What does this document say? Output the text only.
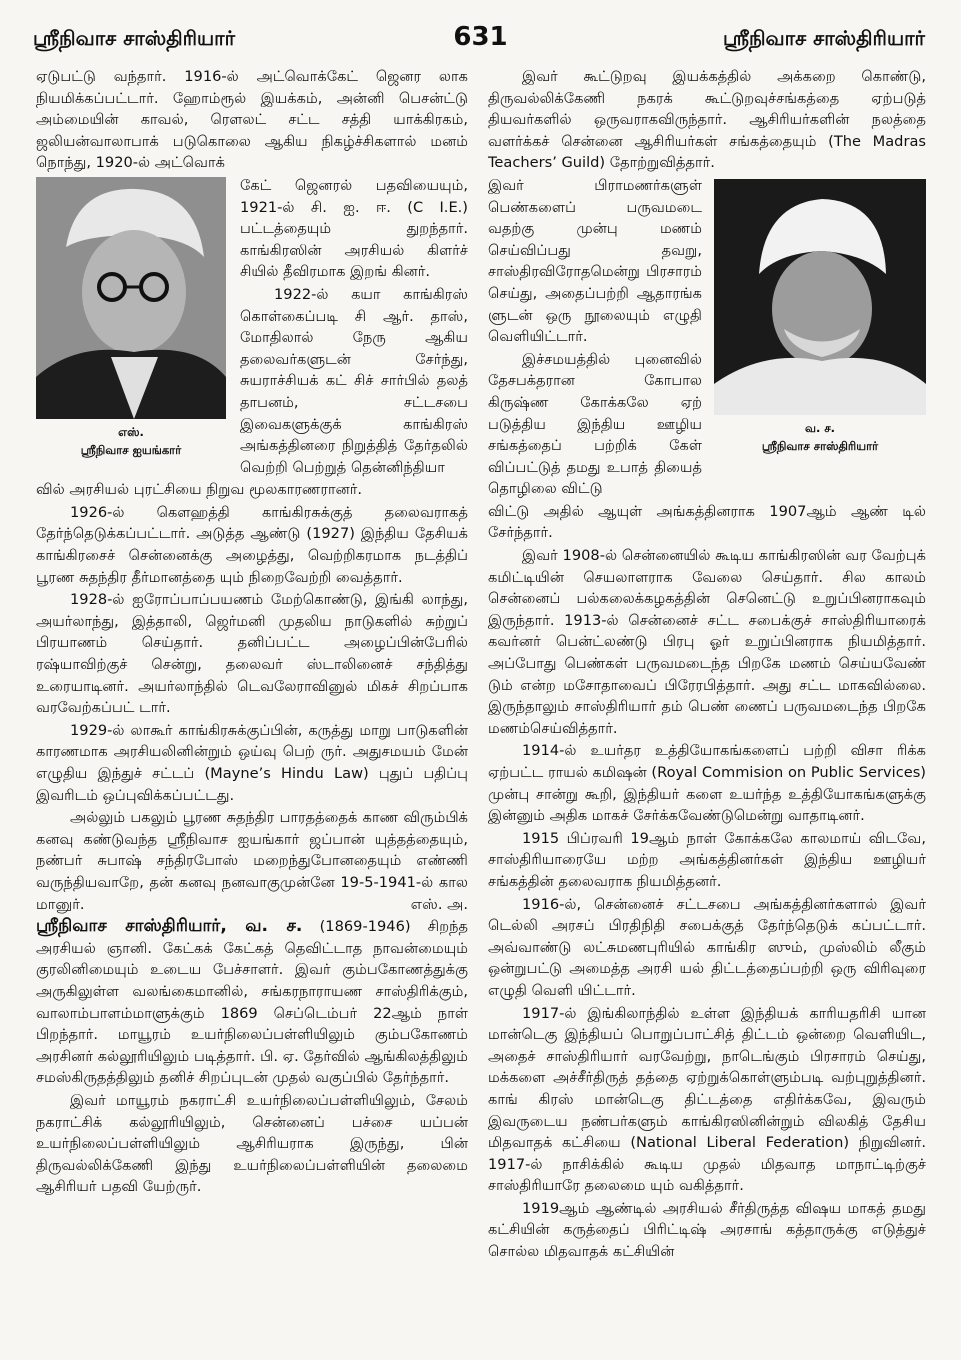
ஸ்ரீநிவாச சாஸ்திரியார்	631	ஸ்ரீநிவாச சாஸ்திரியார்

ஏடுபட்டு வந்தார். 1916-ல் அட்வொக்கேட் ஜெனர லாக நியமிக்கப்பட்டார். ஹோம்ரூல் இயக்கம், அன்னி பெசன்ட்டு அம்மையின் காவல், ரௌலட் சட்ட சத்தி யாக்கிரகம், ஜலியன்வாலாபாக் படுகொலை ஆகிய நிகழ்ச்சிகளால் மனம் நொந்து, 1920-ல் அட்வொக்

எஸ்.
ஸ்ரீநிவாச ஐயங்கார்

கேட் ஜெனரல் பதவியையும், 1921-ல் சி. ஐ. ஈ. (C I.E.) பட்டத்தையும் துறந்தார். காங்கிரஸின் அரசியல் கிளர்ச் சியில் தீவிரமாக இறங் கினர்.

1922-ல் கயா காங்கிரஸ் கொள்கைப்படி சி ஆர். தாஸ், மோதிலால் நேரு ஆகிய தலைவர்களுடன் சேர்ந்து, சுயராச்சியக் கட் சிச் சார்பில் தலத் தாபனம், சட்டசபை இவைகளுக்குக் காங்கிரஸ் அங்கத்தினரை நிறுத்தித் தேர்தலில் வெற்றி பெற்றுத் தென்னிந்தியா

வில் அரசியல் புரட்சியை நிறுவ மூலகாரணரானர்.

1926-ல் கௌஹத்தி காங்கிரசுக்குத் தலைவராகத் தேர்ந்தெடுக்கப்பட்டார். அடுத்த ஆண்டு (1927) இந்திய தேசியக் காங்கிரசைச் சென்னைக்கு அழைத்து, வெற்றிகரமாக நடத்திப் பூரண சுதந்திர தீர்மானத்தை யும் நிறைவேற்றி வைத்தார்.

1928-ல் ஐரோப்பாப்பயணம் மேற்கொண்டு, இங்கி லாந்து, அயர்லாந்து, இத்தாலி, ஜெர்மனி முதலிய நாடுகளில் சுற்றுப் பிரயாணம் செய்தார். தனிப்பட்ட அழைப்பின்பேரில் ரஷ்யாவிற்குச் சென்று, தலைவர் ஸ்டாலினைச் சந்தித்து உரையாடினர். அயர்லாந்தில் டெவலேராவினுல் மிகச் சிறப்பாக வரவேற்கப்பட் டார்.

1929-ல் லாகூர் காங்கிரசுக்குப்பின், கருத்து மாறு பாடுகளின் காரணமாக அரசியலினின்றும் ஒய்வு பெற் ருர். அதுசமயம் மேன் எழுதிய இந்துச் சட்டப் (Mayne’s Hindu Law) புதுப் பதிப்பு இவரிடம் ஒப்புவிக்கப்பட்டது.

அல்லும் பகலும் பூரண சுதந்திர பாரதத்தைக் காண விரும்பிக் கனவு கண்டுவந்த ஸ்ரீநிவாச ஐயங்கார் ஜப்பான் யுத்தத்தையும், நண்பர் சுபாஷ் சந்திரபோஸ் மறைந்துபோனதையும் எண்ணி வருந்தியவாறே, தன் கனவு நனவாகுமுன்னே 19-5-1941-ல் கால மானுர்.	எஸ். அ.

ஸ்ரீநிவாச சாஸ்திரியார், வ. ச. (1869-1946) சிறந்த அரசியல் ஞானி. கேட்கக் கேட்கத் தெவிட்டாத நாவன்மையும் குரலினிமையும் உடைய பேச்சாளர். இவர் கும்பகோணத்துக்கு அருகிலுள்ள வலங்கைமானில், சங்கரநாராயண சாஸ்திரிக்கும், வாலாம்பாளம்மாளுக்கும் 1869 செப்டெம்பர் 22ஆம் நாள் பிறந்தார். மாயூரம் உயர்நிலைப்பள்ளியிலும் கும்பகோணம் அரசினர் கல்லூரியிலும் படித்தார். பி. ஏ. தேர்வில் ஆங்கிலத்திலும் சமஸ்கிருதத்திலும் தனிச் சிறப்புடன் முதல் வகுப்பில் தேர்ந்தார்.

இவர் மாயூரம் நகராட்சி உயர்நிலைப்பள்ளியிலும், சேலம் நகராட்சிக் கல்லூரியிலும், சென்னைப் பச்சை யப்பன் உயர்நிலைப்பள்ளியிலும் ஆசிரியராக இருந்து, பின் திருவல்லிக்கேணி இந்து உயர்நிலைப்பள்ளியின் தலைமை ஆசிரியர் பதவி யேற்ருர்.

இவர் கூட்டுறவு இயக்கத்தில் அக்கறை கொண்டு, திருவல்லிக்கேணி நகரக் கூட்டுறவுச்சங்கத்தை ஏற்படுத் தியவர்களில் ஒருவராகவிருந்தார். ஆசிரியர்களின் நலத்தை வளர்க்கச் சென்னை ஆசிரியர்கள் சங்கத்தையும் (The Madras Teachers’ Guild) தோற்றுவித்தார்.

வ. ச.
ஸ்ரீநிவாச சாஸ்திரியார்

இவர் பிராமணர்களுள் பெண்களைப் பருவமடை வதற்கு முன்பு மணம் செய்விப்பது தவறு, சாஸ்திரவிரோதமென்று பிரசாரம் செய்து, அதைப்பற்றி ஆதாரங்க ளுடன் ஒரு நூலையும் எழுதி வெளியிட்டார்.

இச்சமயத்தில் புனைவில் தேசபக்தரான கோபால கிருஷ்ண கோக்கலே ஏற் படுத்திய இந்திய ஊழிய சங்கத்தைப் பற்றிக் கேள் விப்பட்டுத் தமது உபாத் தியைத் தொழிலை விட்டு

விட்டு அதில் ஆயுள் அங்கத்தினராக 1907ஆம் ஆண் டில் சேர்ந்தார்.

இவர் 1908-ல் சென்னையில் கூடிய காங்கிரஸின் வர வேற்புக் கமிட்டியின் செயலாளராக வேலை செய்தார். சில காலம் சென்னைப் பல்கலைக்கழகத்தின் செனெட்டு உறுப்பினராகவும் இருந்தார். 1913-ல் சென்னைச் சட்ட சபைக்குச் சாஸ்திரியாரைக் கவர்னர் பென்ட்லண்டு பிரபு ஓர் உறுப்பினராக நியமித்தார். அப்போது பெண்கள் பருவமடைந்த பிறகே மணம் செய்யவேண் டும் என்ற மசோதாவைப் பிரேரபித்தார். அது சட்ட மாகவில்லை. இருந்தாலும் சாஸ்திரியார் தம் பெண் ணைப் பருவமடைந்த பிறகே மணம்செய்வித்தார்.

1914-ல் உயர்தர உத்தியோகங்களைப் பற்றி விசா ரிக்க ஏற்பட்ட ராயல் கமிஷன் (Royal Commision on Public Services) முன்பு சான்று கூறி, இந்தியர் களை உயர்ந்த உத்தியோகங்களுக்கு இன்னும் அதிக மாகச் சேர்க்கவேண்டுமென்று வாதாடினர்.

1915 பிப்ரவரி 19ஆம் நாள் கோக்கலே காலமாய் விடவே, சாஸ்திரியாரையே மற்ற அங்கத்தினர்கள் இந்திய ஊழியர் சங்கத்தின் தலைவராக நியமித்தனர்.

1916-ல், சென்னைச் சட்டசபை அங்கத்தினர்களால் இவர் டெல்லி அரசப் பிரதிநிதி சபைக்குத் தேர்ந்தெடுக் கப்பட்டார். அவ்வாண்டு லட்சுமணபுரியில் காங்கிர ஸும், முஸ்லிம் லீகும் ஒன்றுபட்டு அமைத்த அரசி யல் திட்டத்தைப்பற்றி ஒரு விரிவுரை எழுதி வெளி யிட்டார்.

1917-ல் இங்கிலாந்தில் உள்ள இந்தியக் காரியதரிசி யான மான்டெகு இந்தியப் பொறுப்பாட்சித் திட்டம் ஒன்றை வெளியிட, அதைச் சாஸ்திரியார் வரவேற்று, நாடெங்கும் பிரசாரம் செய்து, மக்களை அச்சீர்திருத் தத்தை ஏற்றுக்கொள்ளும்படி வற்புறுத்தினர். காங் கிரஸ் மான்டெகு திட்டத்தை எதிர்க்கவே, இவரும் இவருடைய நண்பர்களும் காங்கிரஸினின்றும் விலகித் தேசிய மிதவாதக் கட்சியை (National Liberal Federation) நிறுவினர். 1917-ல் நாசிக்கில் கூடிய முதல் மிதவாத மாநாட்டிற்குச் சாஸ்திரியாரே தலைமை யும் வகித்தார்.

1919ஆம் ஆண்டில் அரசியல் சீர்திருத்த விஷய மாகத் தமது கட்சியின் கருத்தைப் பிரிட்டிஷ் அரசாங் கத்தாருக்கு எடுத்துச் சொல்ல மிதவாதக் கட்சியின்
